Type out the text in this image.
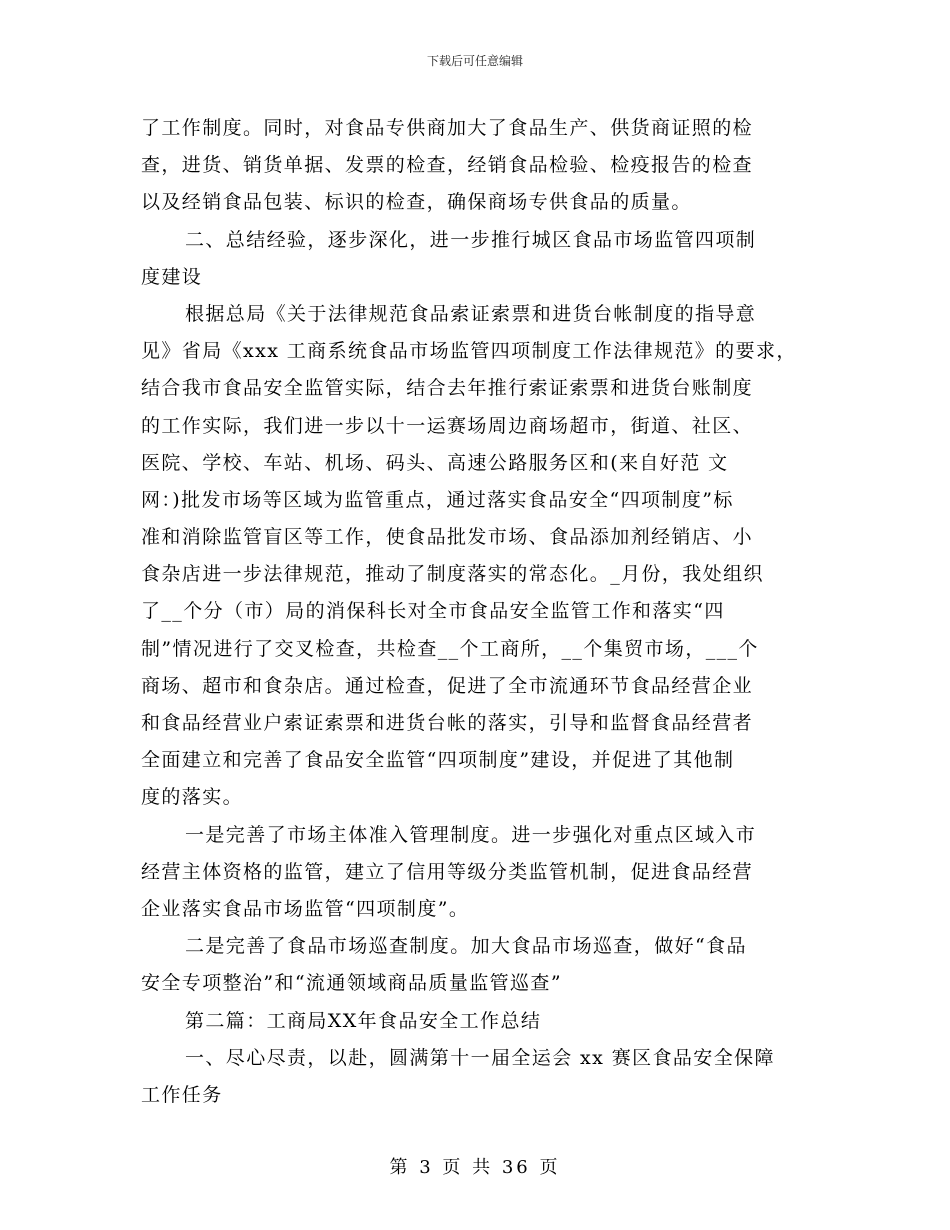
下载后可任意编辑
了工作制度。同时，对食品专供商加大了食品生产、供货商证照的检
查，进货、销货单据、发票的检查，经销食品检验、检疫报告的检查
以及经销食品包装、标识的检查，确保商场专供食品的质量。
二、总结经验，逐步深化，进一步推行城区食品市场监管四项制
度建设
根据总局《关于法律规范食品索证索票和进货台帐制度的指导意
见》省局《xxx 工商系统食品市场监管四项制度工作法律规范》的要求，
结合我市食品安全监管实际，结合去年推行索证索票和进货台账制度
的工作实际，我们进一步以十一运赛场周边商场超市，街道、社区、
医院、学校、车站、机场、码头、高速公路服务区和(来自好范 文
网：)批发市场等区域为监管重点，通过落实食品安全“四项制度”标
准和消除监管盲区等工作，使食品批发市场、食品添加剂经销店、小
食杂店进一步法律规范，推动了制度落实的常态化。_月份，我处组织
了__个分（市）局的消保科长对全市食品安全监管工作和落实“四
制”情况进行了交叉检查，共检查__个工商所，__个集贸市场，___个
商场、超市和食杂店。通过检查，促进了全市流通环节食品经营企业
和食品经营业户索证索票和进货台帐的落实，引导和监督食品经营者
全面建立和完善了食品安全监管“四项制度”建设，并促进了其他制
度的落实。
一是完善了市场主体准入管理制度。进一步强化对重点区域入市
经营主体资格的监管，建立了信用等级分类监管机制，促进食品经营
企业落实食品市场监管“四项制度”。
二是完善了食品市场巡查制度。加大食品市场巡查，做好“食品
安全专项整治”和“流通领域商品质量监管巡查”
第二篇：工商局XX年食品安全工作总结
一、尽心尽责，以赴，圆满第十一届全运会 xx 赛区食品安全保障
工作任务
第 3 页 共 36 页
